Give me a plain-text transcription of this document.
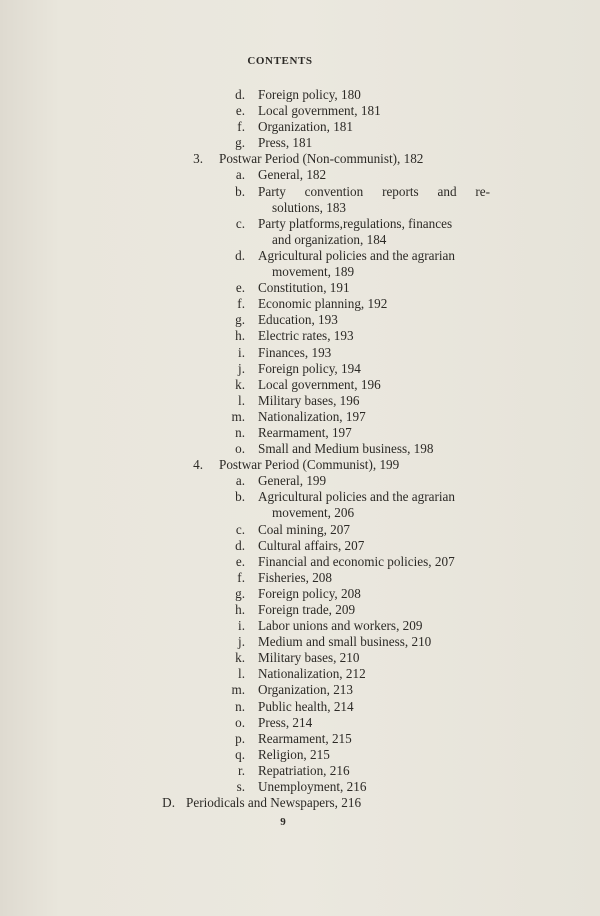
CONTENTS
d. Foreign policy, 180
e. Local government, 181
f. Organization, 181
g. Press, 181
3. Postwar Period (Non-communist), 182
a. General, 182
b. Party convention reports and re-
solutions, 183
c. Party platforms,regulations, finances
and organization, 184
d. Agricultural policies and the agrarian
movement, 189
e. Constitution, 191
f. Economic planning, 192
g. Education, 193
h. Electric rates, 193
i. Finances, 193
j. Foreign policy, 194
k. Local government, 196
l. Military bases, 196
m. Nationalization, 197
n. Rearmament, 197
o. Small and Medium business, 198
4. Postwar Period (Communist), 199
a. General, 199
b. Agricultural policies and the agrarian
movement, 206
c. Coal mining, 207
d. Cultural affairs, 207
e. Financial and economic policies, 207
f. Fisheries, 208
g. Foreign policy, 208
h. Foreign trade, 209
i. Labor unions and workers, 209
j. Medium and small business, 210
k. Military bases, 210
l. Nationalization, 212
m. Organization, 213
n. Public health, 214
o. Press, 214
p. Rearmament, 215
q. Religion, 215
r. Repatriation, 216
s. Unemployment, 216
D. Periodicals and Newspapers, 216
9
